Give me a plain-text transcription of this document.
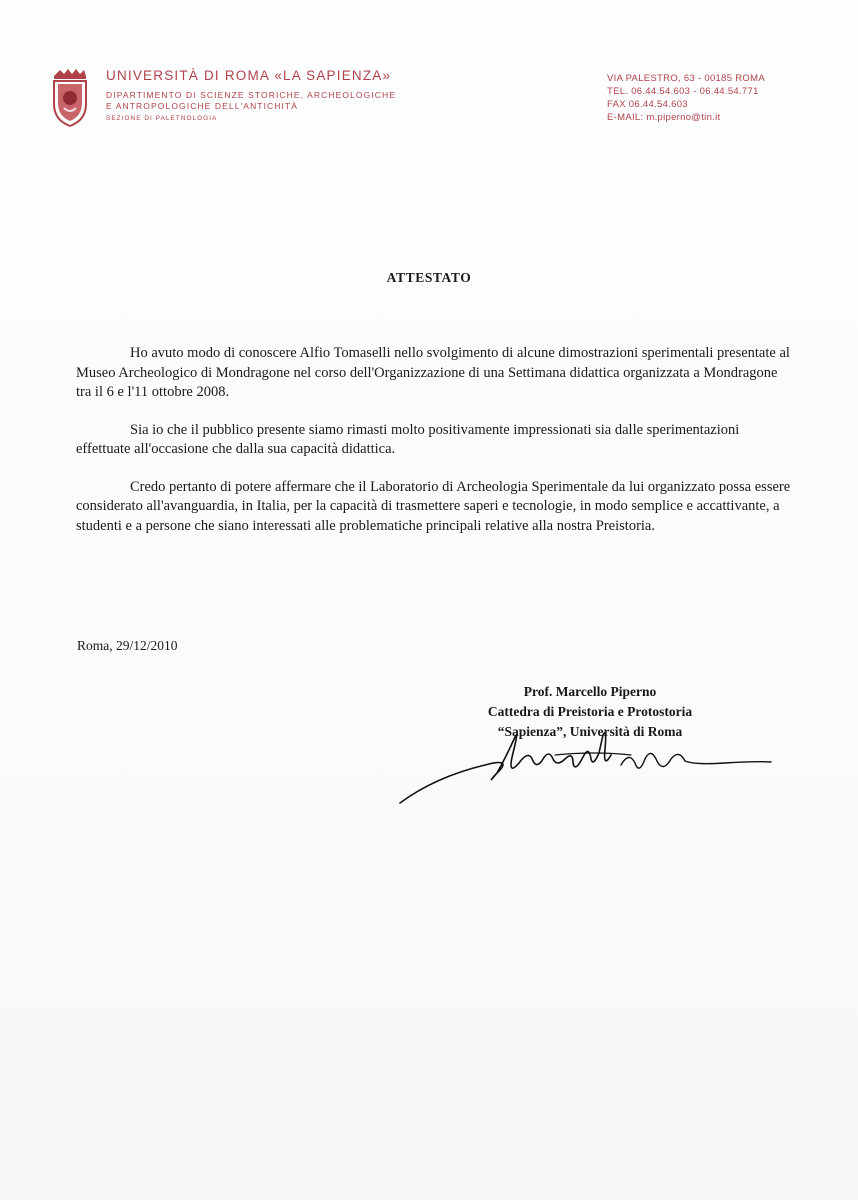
UNIVERSITÀ DI ROMA «LA SAPIENZA»
DIPARTIMENTO DI SCIENZE STORICHE, ARCHEOLOGICHE
E ANTROPOLOGICHE DELL'ANTICHITÀ
SEZIONE DI PALETNOLOGIA
VIA PALESTRO, 63 - 00185 ROMA
TEL. 06.44.54.603 - 06.44.54.771
FAX 06.44.54.603
E-MAIL: m.piperno@tin.it
ATTESTATO

Ho avuto modo di conoscere Alfio Tomaselli nello svolgimento di alcune dimostrazioni sperimentali presentate al Museo Archeologico di Mondragone nel corso dell'Organizzazione di una Settimana didattica organizzata a Mondragone tra il 6 e l'11 ottobre 2008.

Sia io che il pubblico presente siamo rimasti molto positivamente impressionati sia dalle sperimentazioni effettuate all'occasione che dalla sua capacità didattica.

Credo pertanto di potere affermare che il Laboratorio di Archeologia Sperimentale da lui organizzato possa essere considerato all'avanguardia, in Italia, per la capacità di trasmettere saperi e tecnologie, in modo semplice e accattivante, a studenti e a persone che siano interessati alle problematiche principali relative alla nostra Preistoria.

Roma, 29/12/2010
Prof. Marcello Piperno
Cattedra di Preistoria e Protostoria
“Sapienza”, Università di Roma
